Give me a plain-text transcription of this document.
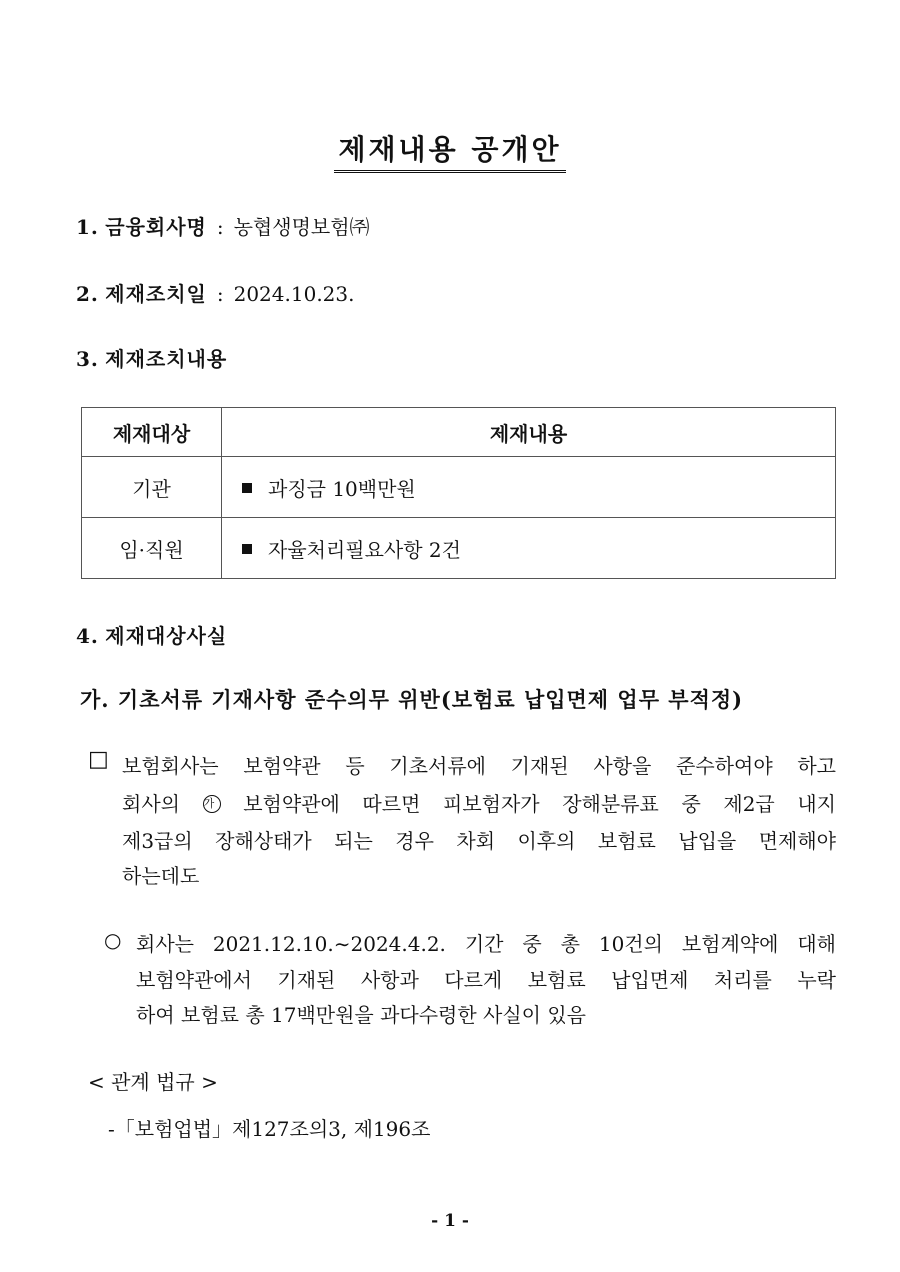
제재내용 공개안
1. 금융회사명 : 농협생명보험㈜
2. 제재조치일 : 2024.10.23.
3. 제재조치내용
제재대상	제재내용
기관	과징금 10백만원
임·직원	자율처리필요사항 2건
4. 제재대상사실
가. 기초서류 기재사항 준수의무 위반(보험료 납입면제 업무 부적정)
□ 보험회사는 보험약관 등 기초서류에 기재된 사항을 준수하여야 하고
회사의 가 보험약관에 따르면 피보험자가 장해분류표 중 제2급 내지
제3급의 장해상태가 되는 경우 차회 이후의 보험료 납입을 면제해야
하는데도
○ 회사는 2021.12.10.∼2024.4.2. 기간 중 총 10건의 보험계약에 대해
보험약관에서 기재된 사항과 다르게 보험료 납입면제 처리를 누락
하여 보험료 총 17백만원을 과다수령한 사실이 있음
< 관계 법규 >
-「보험업법」제127조의3, 제196조
- 1 -
